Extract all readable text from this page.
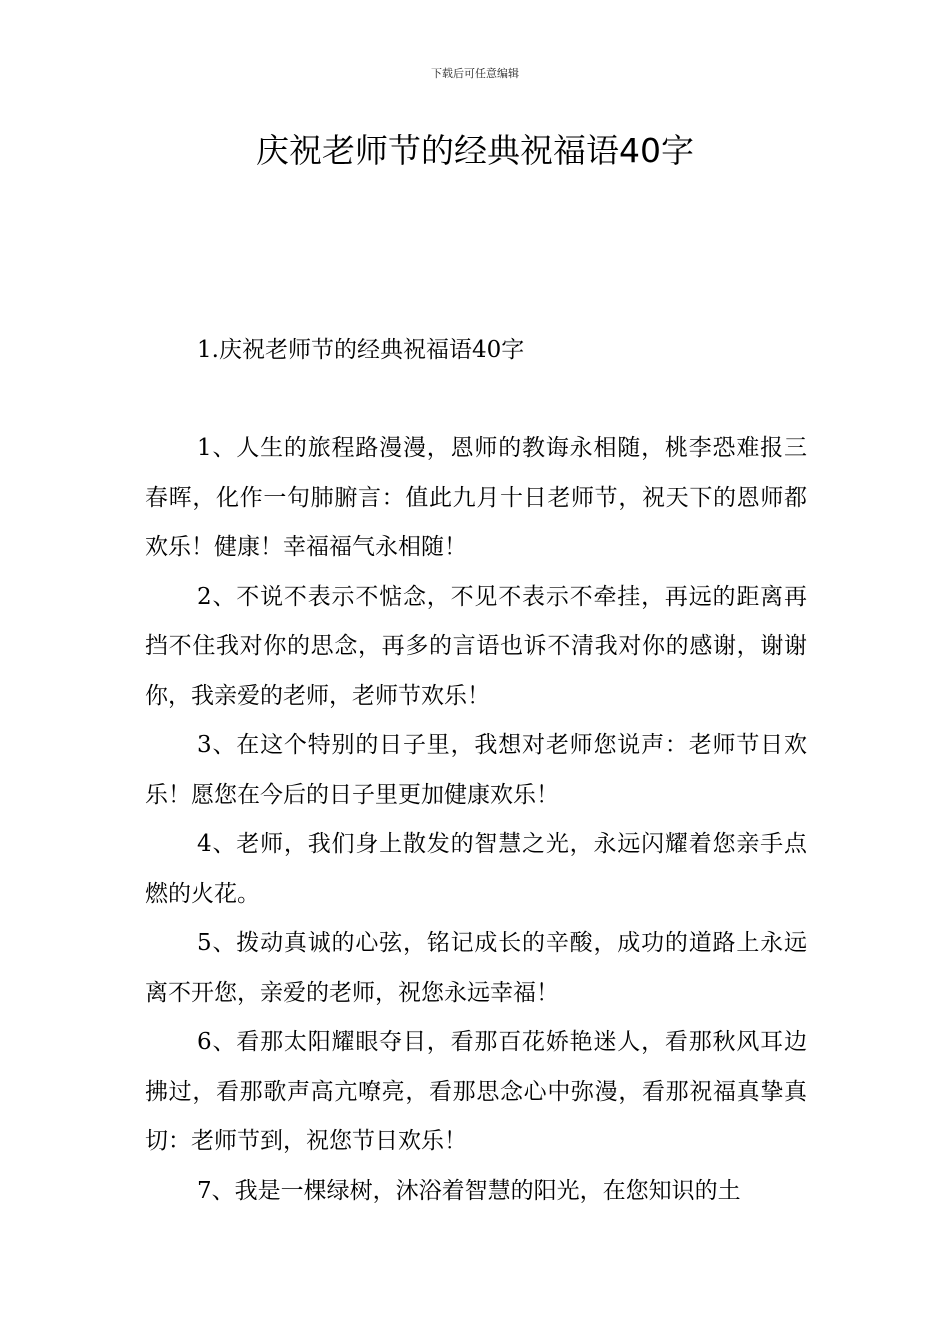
下载后可任意编辑
庆祝老师节的经典祝福语40字

1.庆祝老师节的经典祝福语40字

1、人生的旅程路漫漫，恩师的教诲永相随，桃李恐难报三春晖，化作一句肺腑言：值此九月十日老师节，祝天下的恩师都欢乐！健康！幸福福气永相随！

2、不说不表示不惦念，不见不表示不牵挂，再远的距离再挡不住我对你的思念，再多的言语也诉不清我对你的感谢，谢谢你，我亲爱的老师，老师节欢乐！

3、在这个特别的日子里，我想对老师您说声：老师节日欢乐！愿您在今后的日子里更加健康欢乐！

4、老师，我们身上散发的智慧之光，永远闪耀着您亲手点燃的火花。

5、拨动真诚的心弦，铭记成长的辛酸，成功的道路上永远离不开您，亲爱的老师，祝您永远幸福！

6、看那太阳耀眼夺目，看那百花娇艳迷人，看那秋风耳边拂过，看那歌声高亢嘹亮，看那思念心中弥漫，看那祝福真挚真切：老师节到，祝您节日欢乐！

7、我是一棵绿树，沐浴着智慧的阳光，在您知识的土
